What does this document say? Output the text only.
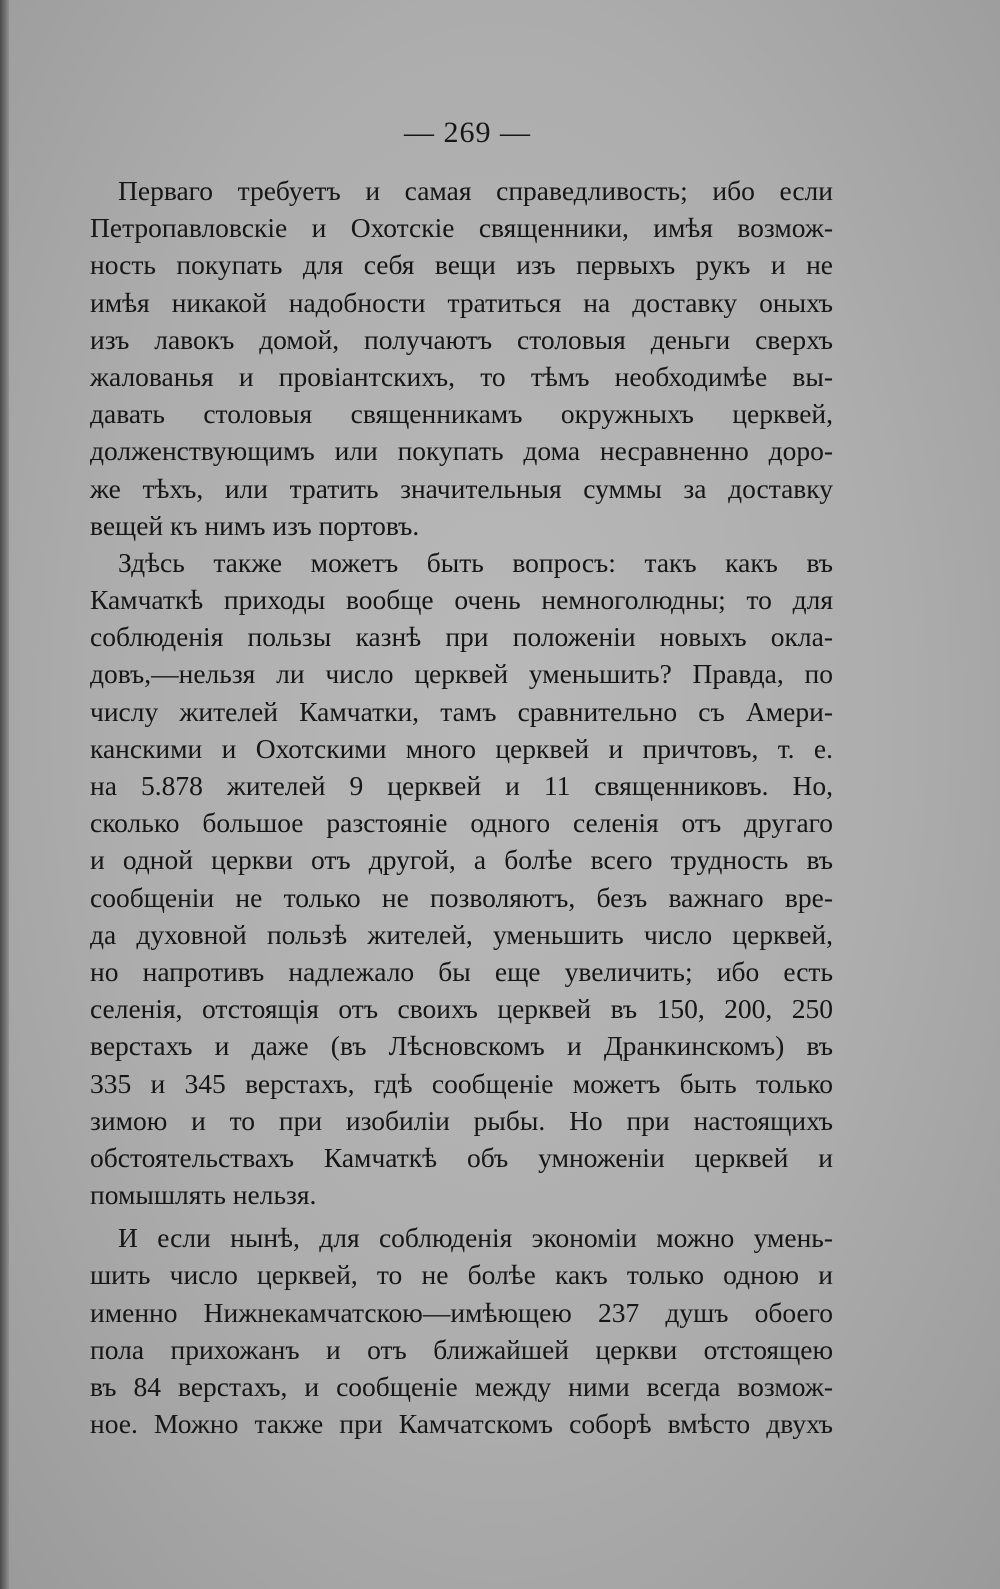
— 269 —
Перваго требуетъ и самая справедливость; ибо если
Петропавловскіе и Охотскіе священники, имѣя возмож-
ность покупать для себя вещи изъ первыхъ рукъ и не
имѣя никакой надобности тратиться на доставку оныхъ
изъ лавокъ домой, получаютъ столовыя деньги сверхъ
жалованья и провіантскихъ, то тѣмъ необходимѣе вы-
давать столовыя священникамъ окружныхъ церквей,
долженствующимъ или покупать дома несравненно доро-
же тѣхъ, или тратить значительныя суммы за доставку
вещей къ нимъ изъ портовъ.
Здѣсь также можетъ быть вопросъ: такъ какъ въ
Камчаткѣ приходы вообще очень немноголюдны; то для
соблюденія пользы казнѣ при положеніи новыхъ окла-
довъ,—нельзя ли число церквей уменьшить? Правда, по
числу жителей Камчатки, тамъ сравнительно съ Амери-
канскими и Охотскими много церквей и причтовъ, т. е.
на 5.878 жителей 9 церквей и 11 священниковъ. Но,
сколько большое разстояніе одного селенія отъ другаго
и одной церкви отъ другой, а болѣе всего трудность въ
сообщеніи не только не позволяютъ, безъ важнаго вре-
да духовной пользѣ жителей, уменьшить число церквей,
но напротивъ надлежало бы еще увеличить; ибо есть
селенія, отстоящія отъ своихъ церквей въ 150, 200, 250
верстахъ и даже (въ Лѣсновскомъ и Дранкинскомъ) въ
335 и 345 верстахъ, гдѣ сообщеніе можетъ быть только
зимою и то при изобиліи рыбы. Но при настоящихъ
обстоятельствахъ Камчаткѣ объ умноженіи церквей и
помышлять нельзя.
И если нынѣ, для соблюденія экономіи можно умень-
шить число церквей, то не болѣе какъ только одною и
именно Нижнекамчатскою—имѣющею 237 душъ обоего
пола прихожанъ и отъ ближайшей церкви отстоящею
въ 84 верстахъ, и сообщеніе между ними всегда возмож-
ное. Можно также при Камчатскомъ соборѣ вмѣсто двухъ
